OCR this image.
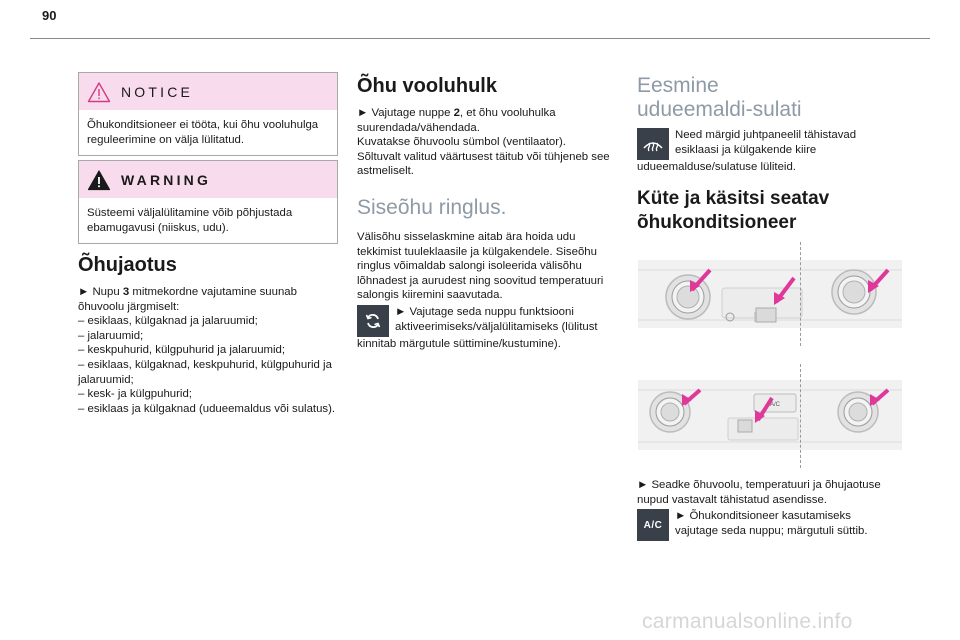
90
NOTICE
Õhukonditsioneer ei tööta, kui õhu vooluhulga reguleerimine on välja lülitatud.
WARNING
Süsteemi väljalülitamine võib põhjustada ebamugavusi (niiskus, udu).
Õhujaotus
► Nupu 3 mitmekordne vajutamine suunab õhuvoolu järgmiselt:
– esiklaas, külgaknad ja jalaruumid;
– jalaruumid;
– keskpuhurid, külgpuhurid ja jalaruumid;
– esiklaas, külgaknad, keskpuhurid, külgpuhurid ja jalaruumid;
– kesk- ja külgpuhurid;
– esiklaas ja külgaknad (udueemaldus või sulatus).
Õhu vooluhulk
► Vajutage nuppe 2, et õhu vooluhulka suurendada/vähendada.
Kuvatakse õhuvoolu sümbol (ventilaator).
Sõltuvalt valitud väärtusest täitub või tühjeneb see astmeliselt.
Siseõhu ringlus.
Välisõhu sisselaskmine aitab ära hoida udu tekkimist tuuleklaasile ja külgakendele. Siseõhu ringlus võimaldab salongi isoleerida välisõhu lõhnadest ja aurudest ning soovitud temperatuuri salongis kiiremini saavutada.
► Vajutage seda nuppu funktsiooni aktiveerimiseks/väljalülitamiseks (lülitust
kinnitab märgutule süttimine/kustumine).
Eesmine
udueemaldi-sulati
Need märgid juhtpaneelil tähistavad esiklaasi ja külgakende kiire
udueemalduse/sulatuse lüliteid.
Küte ja käsitsi seatav
õhukonditsioneer
A/C
► Seadke õhuvoolu, temperatuuri ja õhujaotuse nupud vastavalt tähistatud asendisse.
A/C
► Õhukonditsioneer kasutamiseks
vajutage seda nuppu; märgutuli süttib.
carmanualsonline.info
